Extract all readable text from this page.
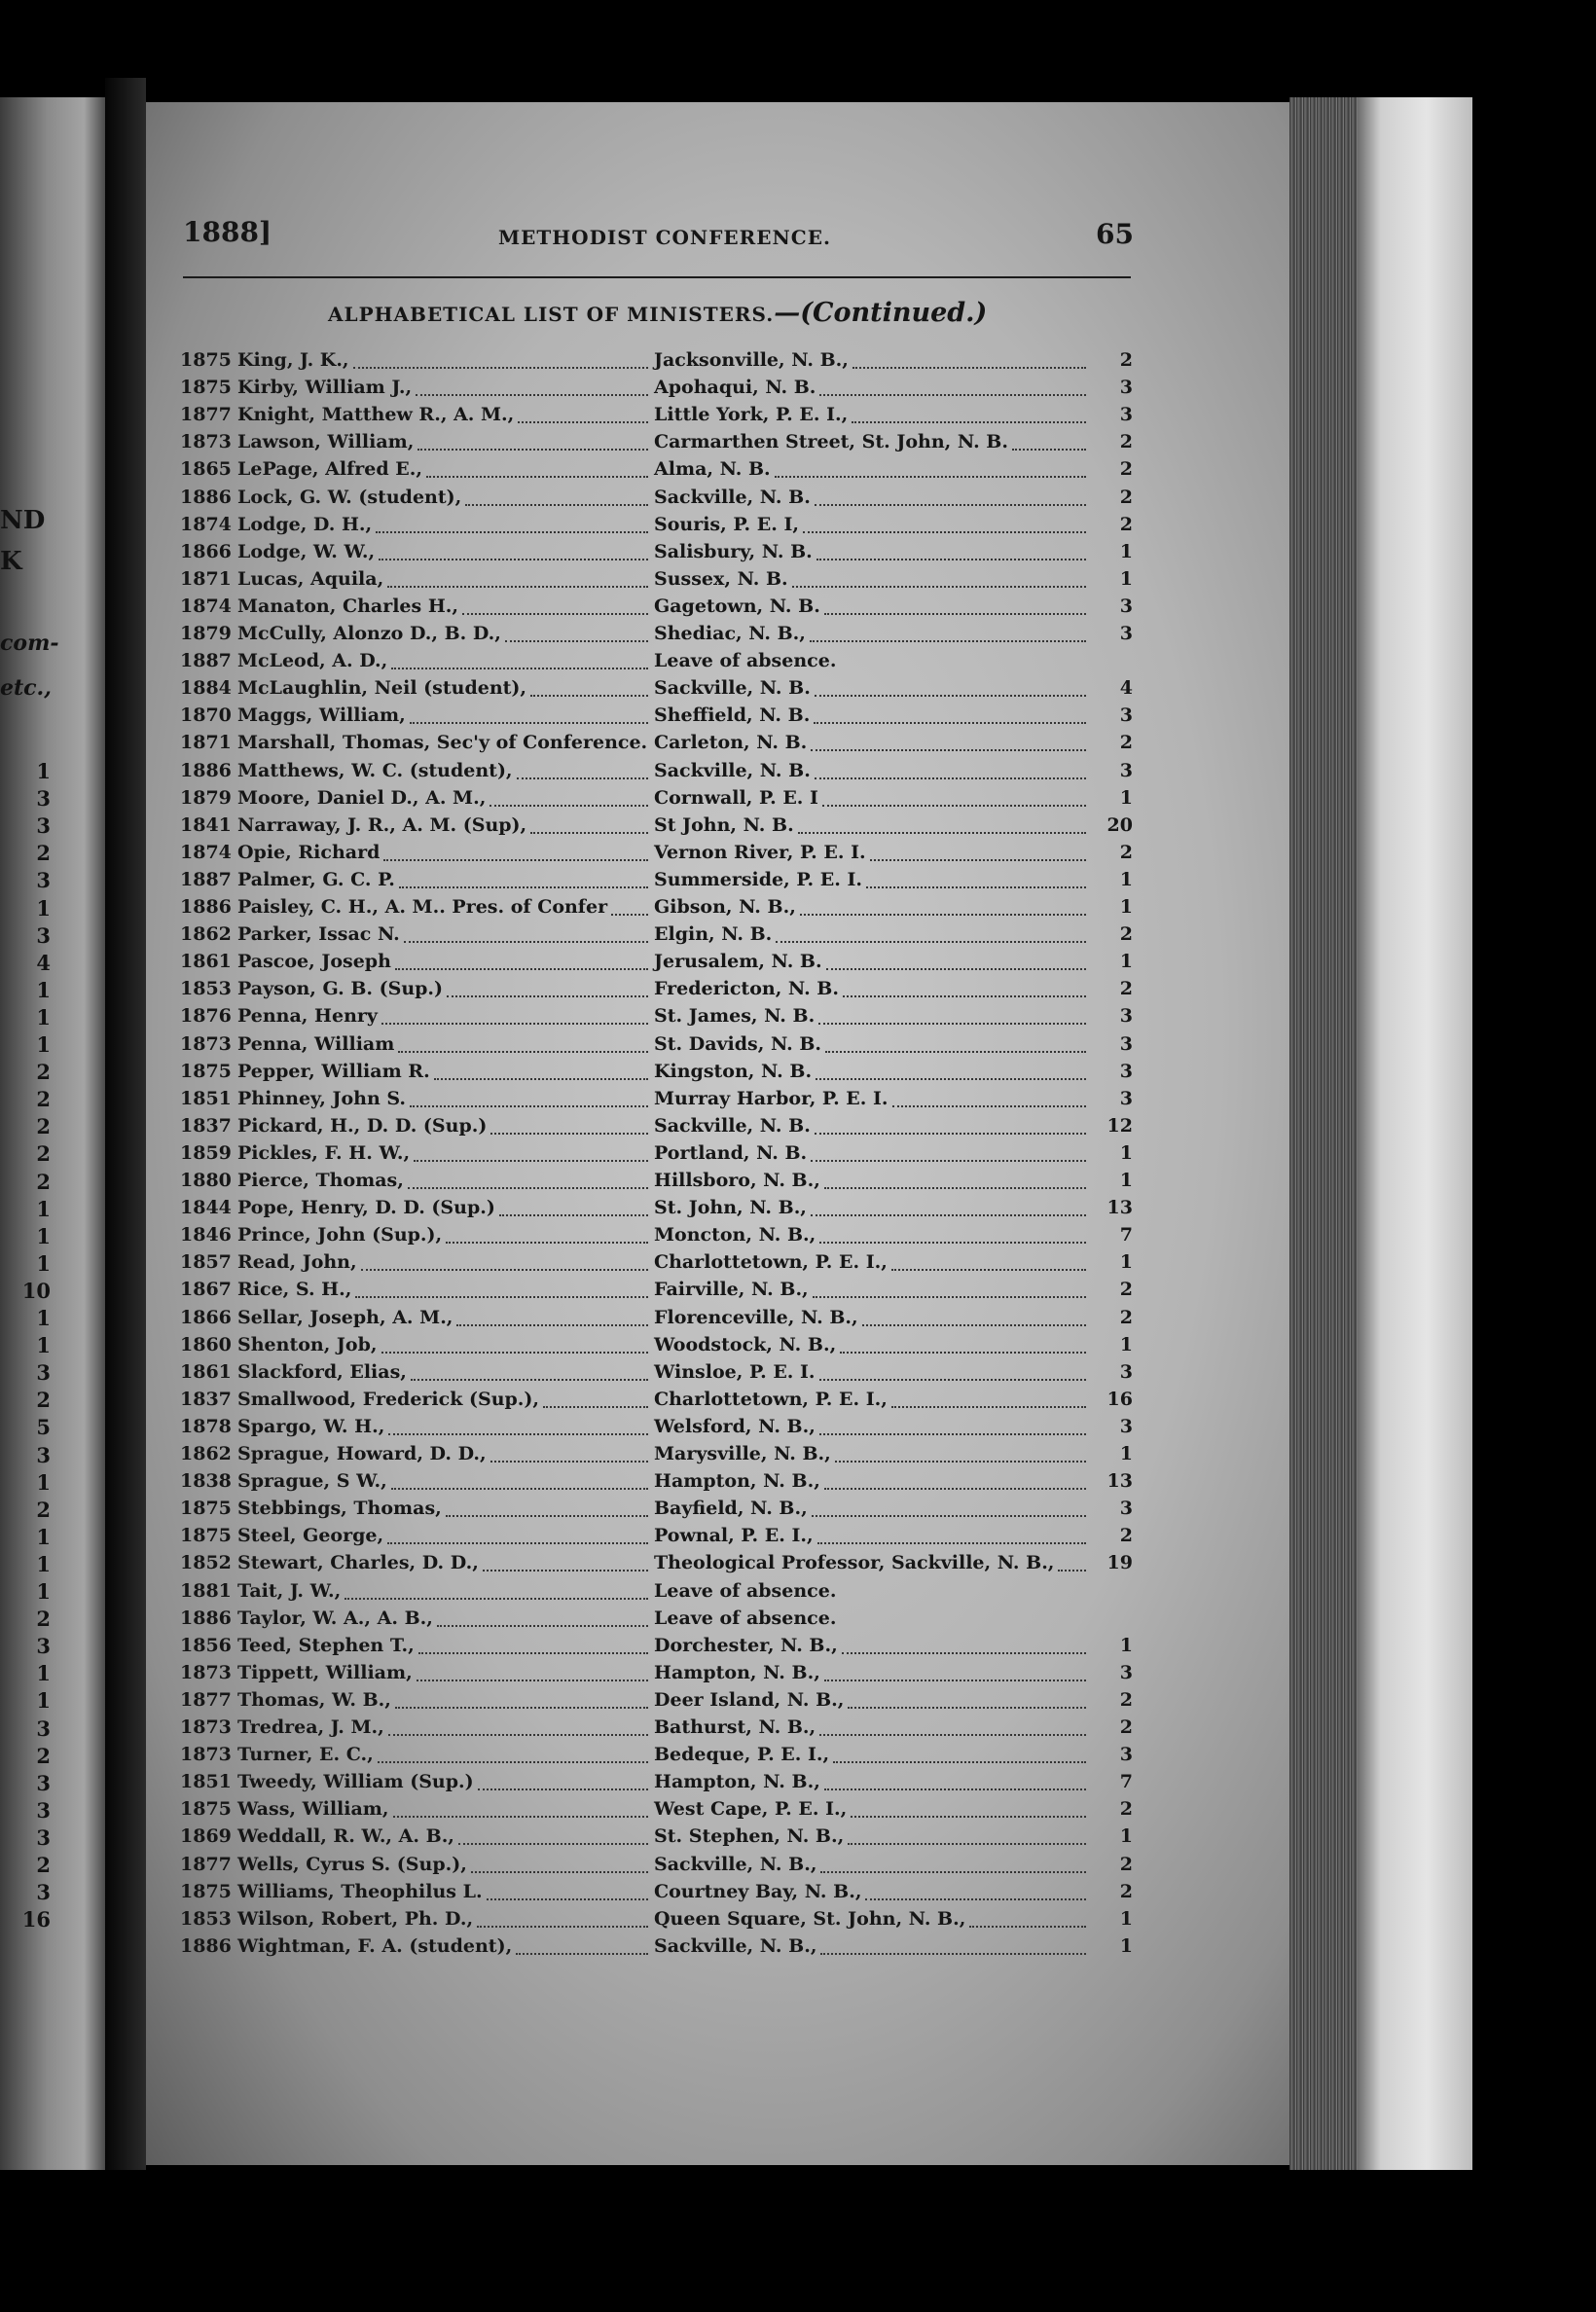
ND
K
com-
etc.,
1
3
3
2
3
1
3
4
1
1
1
2
2
2
2
2
1
1
1
10
1
1
3
2
5
3
1
2
1
1
1
2
3
1
1
3
2
3
3
3
2
3
16
1888]	METHODIST CONFERENCE.	65
ALPHABETICAL LIST OF MINISTERS.—(Continued.)
1875 King, J. K.,	Jacksonville, N. B.,	2
1875 Kirby, William J.,	Apohaqui, N. B.	3
1877 Knight, Matthew R., A. M.,	Little York, P. E. I.,	3
1873 Lawson, William,	Carmarthen Street, St. John, N. B.	2
1865 LePage, Alfred E.,	Alma, N. B.	2
1886 Lock, G. W. (student),	Sackville, N. B.	2
1874 Lodge, D. H.,	Souris, P. E. I,	2
1866 Lodge, W. W.,	Salisbury, N. B.	1
1871 Lucas, Aquila,	Sussex, N. B.	1
1874 Manaton, Charles H.,	Gagetown, N. B.	3
1879 McCully, Alonzo D., B. D.,	Shediac, N. B.,	3
1887 McLeod, A. D.,	Leave of absence.
1884 McLaughlin, Neil (student),	Sackville, N. B.	4
1870 Maggs, William,	Sheffield, N. B.	3
1871 Marshall, Thomas, Sec'y of Conference. Carleton, N. B.	2
1886 Matthews, W. C. (student),	Sackville, N. B.	3
1879 Moore, Daniel D., A. M.,	Cornwall, P. E. I	1
1841 Narraway, J. R., A. M. (Sup),	St John, N. B.	20
1874 Opie, Richard	Vernon River, P. E. I.	2
1887 Palmer, G. C. P.	Summerside, P. E. I.	1
1886 Paisley, C. H., A. M.. Pres. of Confer	Gibson, N. B.,	1
1862 Parker, Issac N.	Elgin, N. B.	2
1861 Pascoe, Joseph	Jerusalem, N. B.	1
1853 Payson, G. B. (Sup.)	Fredericton, N. B.	2
1876 Penna, Henry	St. James, N. B.	3
1873 Penna, William	St. Davids, N. B.	3
1875 Pepper, William R.	Kingston, N. B.	3
1851 Phinney, John S.	Murray Harbor, P. E. I.	3
1837 Pickard, H., D. D. (Sup.)	Sackville, N. B.	12
1859 Pickles, F. H. W.,	Portland, N. B.	1
1880 Pierce, Thomas,	Hillsboro, N. B.,	1
1844 Pope, Henry, D. D. (Sup.)	St. John, N. B.,	13
1846 Prince, John (Sup.),	Moncton, N. B.,	7
1857 Read, John,	Charlottetown, P. E. I.,	1
1867 Rice, S. H.,	Fairville, N. B.,	2
1866 Sellar, Joseph, A. M.,	Florenceville, N. B.,	2
1860 Shenton, Job,	Woodstock, N. B.,	1
1861 Slackford, Elias,	Winsloe, P. E. I.	3
1837 Smallwood, Frederick (Sup.),	Charlottetown, P. E. I.,	16
1878 Spargo, W. H.,	Welsford, N. B.,	3
1862 Sprague, Howard, D. D.,	Marysville, N. B.,	1
1838 Sprague, S W.,	Hampton, N. B.,	13
1875 Stebbings, Thomas,	Bayfield, N. B.,	3
1875 Steel, George,	Pownal, P. E. I.,	2
1852 Stewart, Charles, D. D.,	Theological Professor, Sackville, N. B.,	19
1881 Tait, J. W.,	Leave of absence.
1886 Taylor, W. A., A. B.,	Leave of absence.
1856 Teed, Stephen T.,	Dorchester, N. B.,	1
1873 Tippett, William,	Hampton, N. B.,	3
1877 Thomas, W. B.,	Deer Island, N. B.,	2
1873 Tredrea, J. M.,	Bathurst, N. B.,	2
1873 Turner, E. C.,	Bedeque, P. E. I.,	3
1851 Tweedy, William (Sup.)	Hampton, N. B.,	7
1875 Wass, William,	West Cape, P. E. I.,	2
1869 Weddall, R. W., A. B.,	St. Stephen, N. B.,	1
1877 Wells, Cyrus S. (Sup.),	Sackville, N. B.,	2
1875 Williams, Theophilus L.	Courtney Bay, N. B.,	2
1853 Wilson, Robert, Ph. D.,	Queen Square, St. John, N. B.,	1
1886 Wightman, F. A. (student),	Sackville, N. B.,	1
